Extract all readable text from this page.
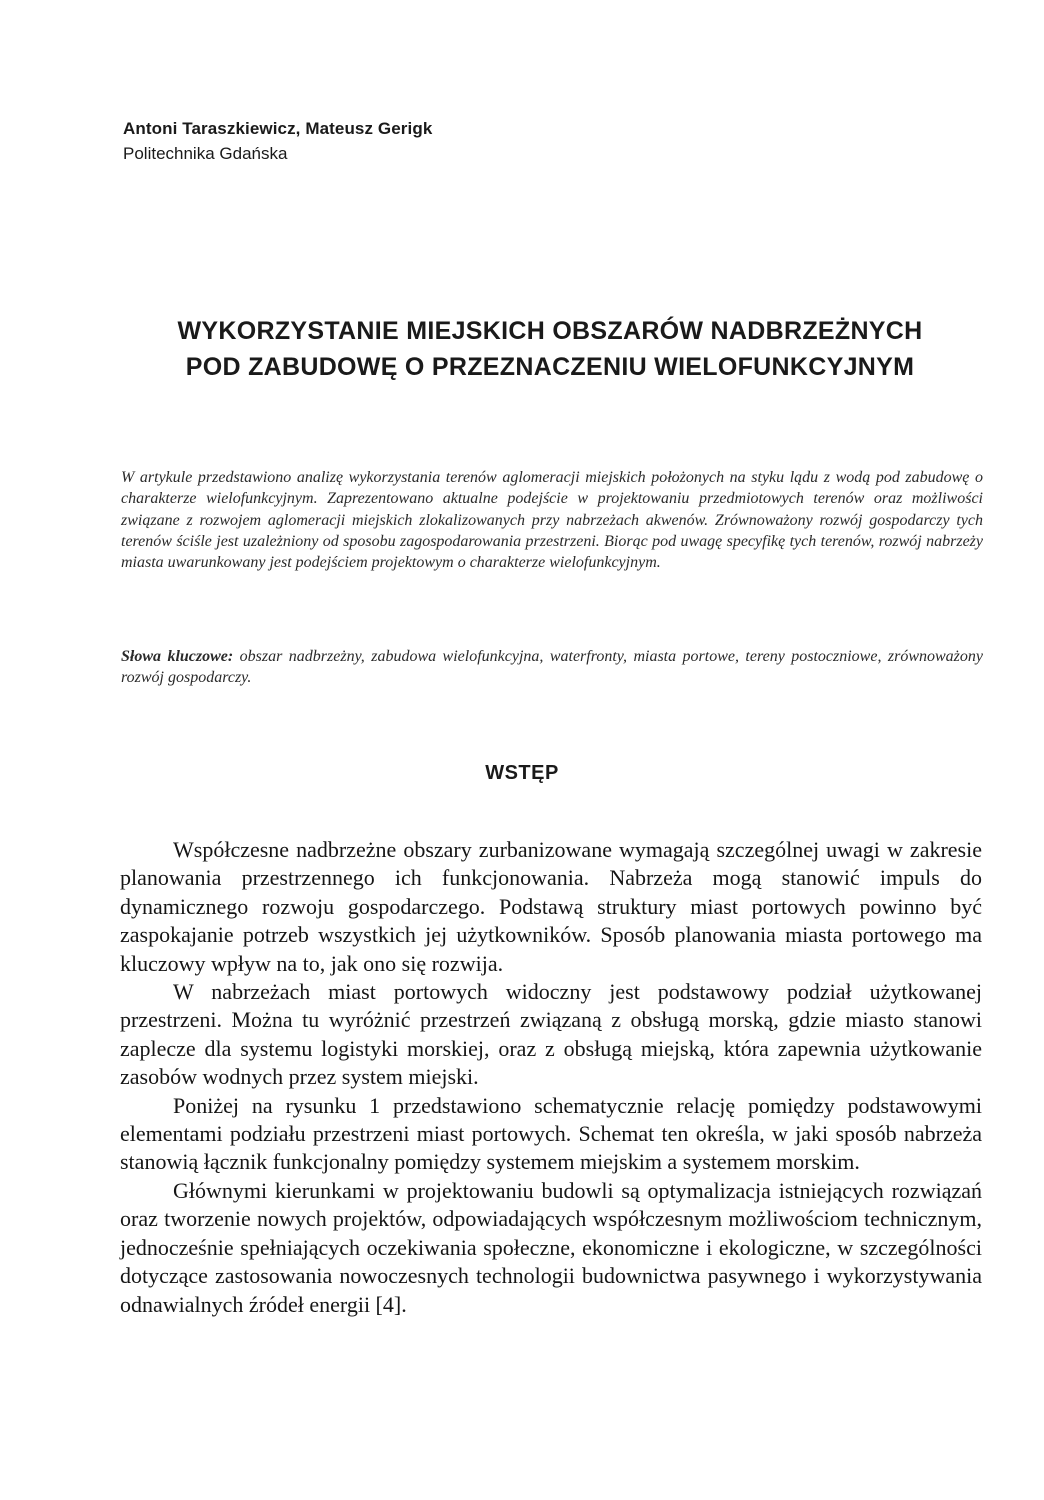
Antoni Taraszkiewicz, Mateusz Gerigk
Politechnika Gdańska
WYKORZYSTANIE MIEJSKICH OBSZARÓW NADBRZEŻNYCH
POD ZABUDOWĘ O PRZEZNACZENIU WIELOFUNKCYJNYM
W artykule przedstawiono analizę wykorzystania terenów aglomeracji miejskich położonych na styku lądu z wodą pod zabudowę o charakterze wielofunkcyjnym. Zaprezentowano aktualne podejście w projektowaniu przedmiotowych terenów oraz możliwości związane z rozwojem aglomeracji miejskich zlokalizowanych przy nabrzeżach akwenów. Zrównoważony rozwój gospodarczy tych terenów ściśle jest uzależniony od sposobu zagospodarowania przestrzeni. Biorąc pod uwagę specyfikę tych terenów, rozwój nabrzeży miasta uwarunkowany jest podejściem projektowym o charakterze wielofunkcyjnym.
Słowa kluczowe: obszar nadbrzeżny, zabudowa wielofunkcyjna, waterfronty, miasta portowe, tereny postoczniowe, zrównoważony rozwój gospodarczy.
WSTĘP

Współczesne nadbrzeżne obszary zurbanizowane wymagają szczególnej uwagi w zakresie planowania przestrzennego ich funkcjonowania. Nabrzeża mogą stanowić impuls do dynamicznego rozwoju gospodarczego. Podstawą struktury miast portowych powinno być zaspokajanie potrzeb wszystkich jej użytkowników. Sposób planowania miasta portowego ma kluczowy wpływ na to, jak ono się rozwija.

W nabrzeżach miast portowych widoczny jest podstawowy podział użytkowanej przestrzeni. Można tu wyróżnić przestrzeń związaną z obsługą morską, gdzie miasto stanowi zaplecze dla systemu logistyki morskiej, oraz z obsługą miejską, która zapewnia użytkowanie zasobów wodnych przez system miejski.

Poniżej na rysunku 1 przedstawiono schematycznie relację pomiędzy podstawowymi elementami podziału przestrzeni miast portowych. Schemat ten określa, w jaki sposób nabrzeża stanowią łącznik funkcjonalny pomiędzy systemem miejskim a systemem morskim.

Głównymi kierunkami w projektowaniu budowli są optymalizacja istniejących rozwiązań oraz tworzenie nowych projektów, odpowiadających współczesnym możliwościom technicznym, jednocześnie spełniających oczekiwania społeczne, ekonomiczne i ekologiczne, w szczególności dotyczące zastosowania nowoczesnych technologii budownictwa pasywnego i wykorzystywania odnawialnych źródeł energii [4].
